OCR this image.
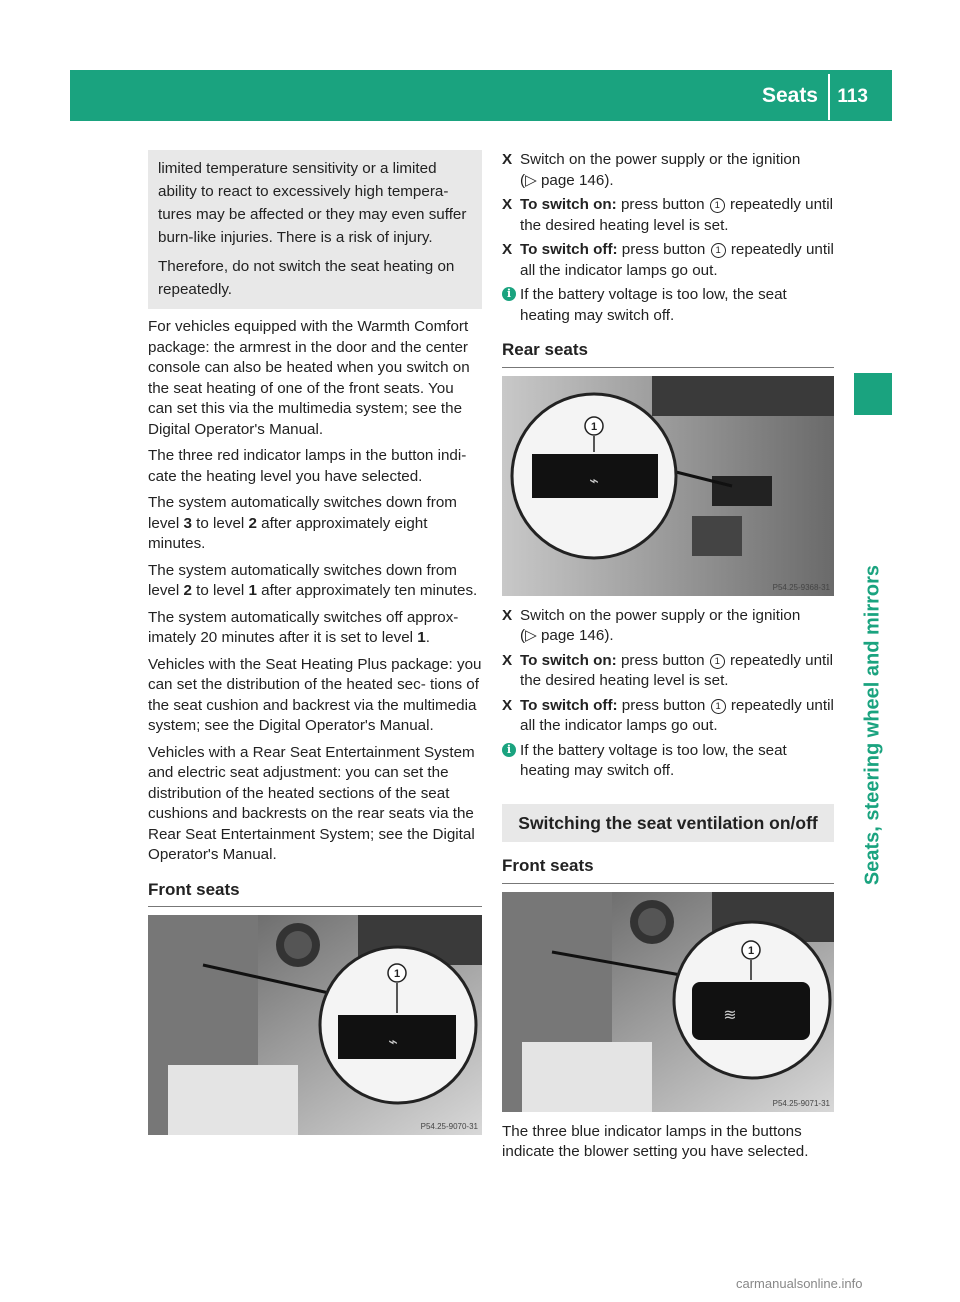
Seats 113
Seats, steering wheel and mirrors

limited temperature sensitivity or a limited ability to react to excessively high tempera- tures may be affected or they may even suffer burn-like injuries. There is a risk of injury.

Therefore, do not switch the seat heating on repeatedly.

For vehicles equipped with the Warmth Comfort package: the armrest in the door and the center console can also be heated when you switch on the seat heating of one of the front seats. You can set this via the multimedia system; see the Digital Operator's Manual.

The three red indicator lamps in the button indi- cate the heating level you have selected.

The system automatically switches down from level 3 to level 2 after approximately eight minutes.

The system automatically switches down from level 2 to level 1 after approximately ten minutes.

The system automatically switches off approx- imately 20 minutes after it is set to level 1.

Vehicles with the Seat Heating Plus package: you can set the distribution of the heated sec- tions of the seat cushion and backrest via the multimedia system; see the Digital Operator's Manual.

Vehicles with a Rear Seat Entertainment System and electric seat adjustment: you can set the distribution of the heated sections of the seat cushions and backrests on the rear seats via the Rear Seat Entertainment System; see the Digital Operator's Manual.

Front seats
⌁
1
P54.25-9070-31
X Switch on the power supply or the ignition
(▷ page 146).
X To switch on: press button 1 repeatedly until the desired heating level is set.
X To switch off: press button 1 repeatedly until all the indicator lamps go out.
i If the battery voltage is too low, the seat heating may switch off.
Rear seats
⌁
1
P54.25-9368-31
X Switch on the power supply or the ignition
(▷ page 146).
X To switch on: press button 1 repeatedly until the desired heating level is set.
X To switch off: press button 1 repeatedly until all the indicator lamps go out.
i If the battery voltage is too low, the seat heating may switch off.
Switching the seat ventilation on/off
Front seats
≋
1
P54.25-9071-31

The three blue indicator lamps in the buttons indicate the blower setting you have selected.

carmanualsonline.info
